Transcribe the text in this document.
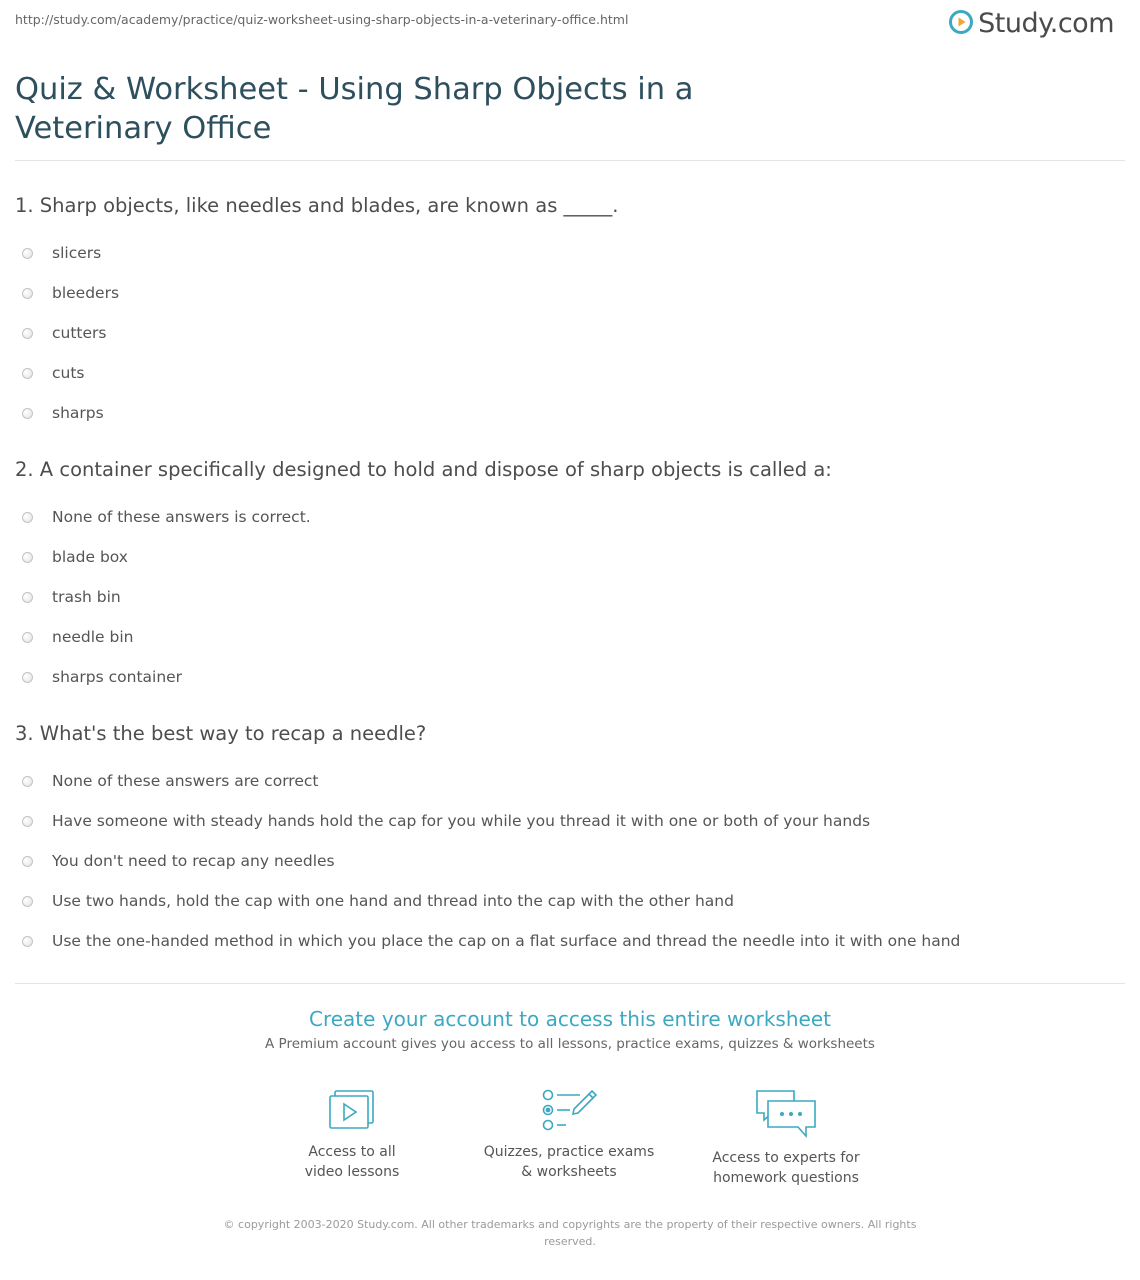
http://study.com/academy/practice/quiz-worksheet-using-sharp-objects-in-a-veterinary-office.html	Study.com
Quiz & Worksheet - Using Sharp Objects in a Veterinary Office

1. Sharp objects, like needles and blades, are known as _____.

slicers
bleeders
cutters
cuts
sharps

2. A container specifically designed to hold and dispose of sharp objects is called a:

None of these answers is correct.
blade box
trash bin
needle bin
sharps container

3. What's the best way to recap a needle?

None of these answers are correct
Have someone with steady hands hold the cap for you while you thread it with one or both of your hands
You don't need to recap any needles
Use two hands, hold the cap with one hand and thread into the cap with the other hand
Use the one-handed method in which you place the cap on a flat surface and thread the needle into it with one hand
Create your account to access this entire worksheet
A Premium account gives you access to all lessons, practice exams, quizzes & worksheets
Access to all
video lessons
Quizzes, practice exams
& worksheets
Access to experts for
homework questions
© copyright 2003-2020 Study.com. All other trademarks and copyrights are the property of their respective owners. All rights reserved.
